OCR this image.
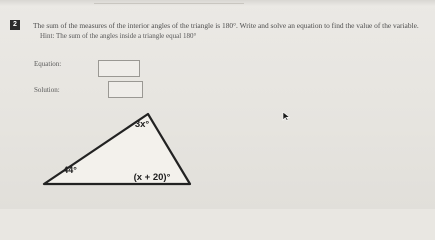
2	The sum of the measures of the interior angles of the triangle is 180°. Write and solve an equation to find the value of the variable.
Hint: The sum of the angles inside a triangle equal 180°
Equation:
Solution:
3x°
44°
(x + 20)°
